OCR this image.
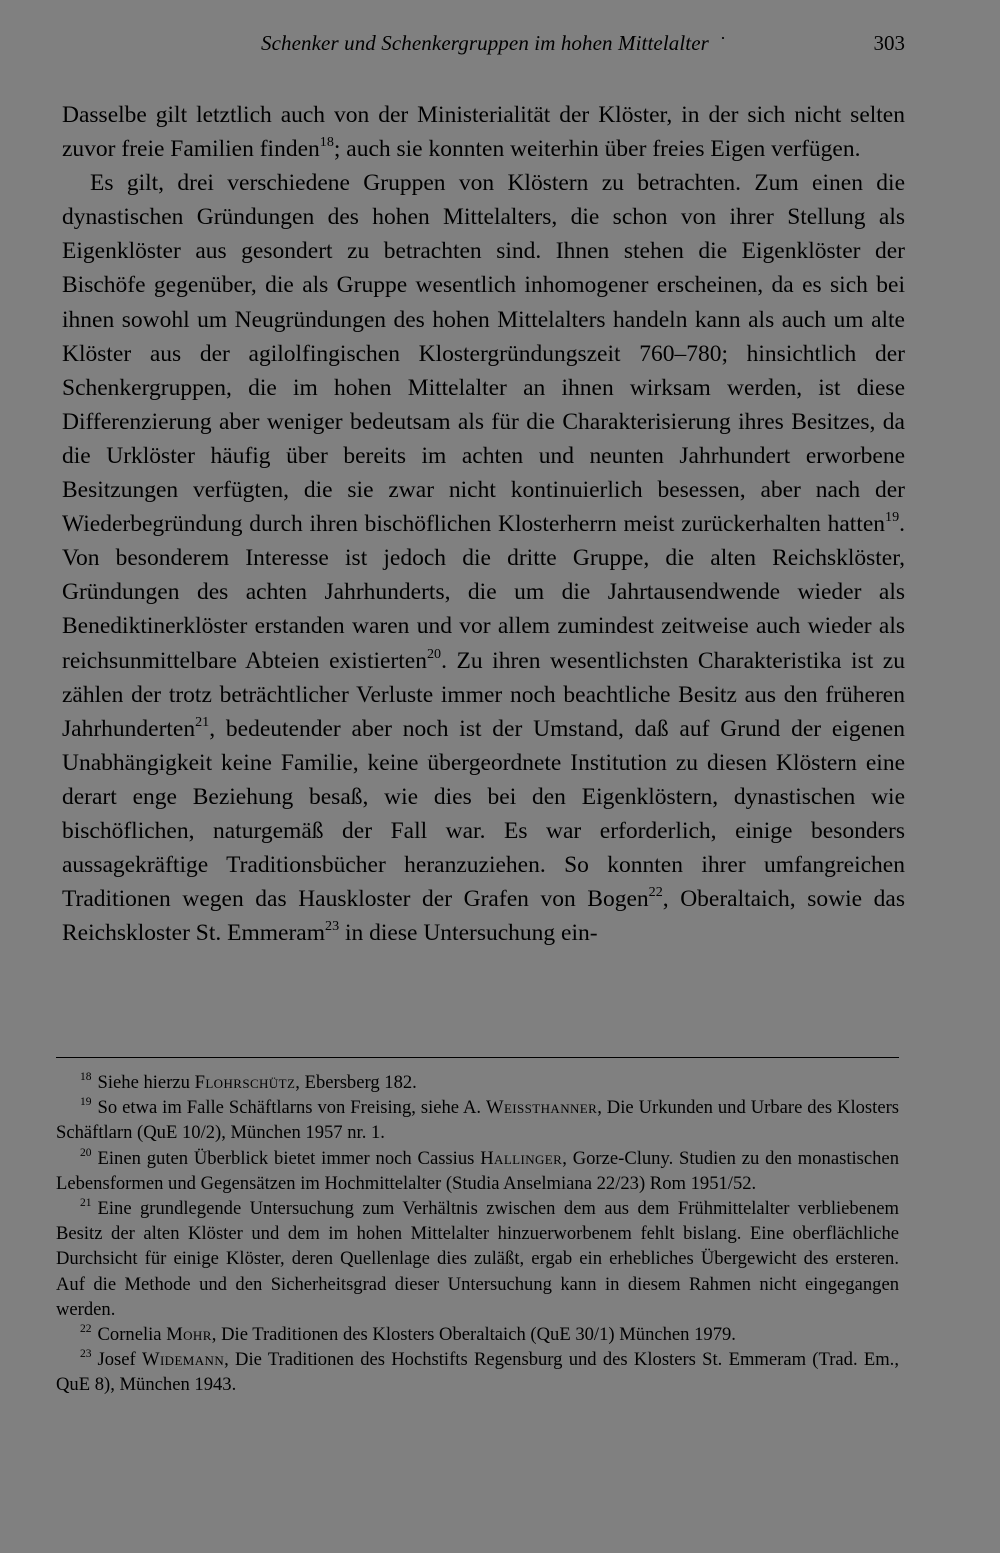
Schenker und Schenkergruppen im hohen Mittelalter ·	303

Dasselbe gilt letztlich auch von der Ministerialität der Klöster, in der sich nicht selten zuvor freie Familien finden$^{18}$; auch sie konnten weiterhin über freies Eigen verfügen.

Es gilt, drei verschiedene Gruppen von Klöstern zu betrachten. Zum einen die dynastischen Gründungen des hohen Mittelalters, die schon von ihrer Stellung als Eigenklöster aus gesondert zu betrachten sind. Ihnen stehen die Eigenklöster der Bischöfe gegenüber, die als Gruppe wesentlich inhomogener erscheinen, da es sich bei ihnen sowohl um Neugründungen des hohen Mittelalters handeln kann als auch um alte Klöster aus der agilolfingischen Klostergründungszeit 760–780; hinsichtlich der Schenkergruppen, die im hohen Mittelalter an ihnen wirksam werden, ist diese Differenzierung aber weniger bedeutsam als für die Charakterisierung ihres Besitzes, da die Urklöster häufig über bereits im achten und neunten Jahrhundert erworbene Besitzungen verfügten, die sie zwar nicht kontinuierlich besessen, aber nach der Wiederbegründung durch ihren bischöflichen Klosterherrn meist zurückerhalten hatten$^{19}$. Von besonderem Interesse ist jedoch die dritte Gruppe, die alten Reichsklöster, Gründungen des achten Jahrhunderts, die um die Jahrtausendwende wieder als Benediktinerklöster erstanden waren und vor allem zumindest zeitweise auch wieder als reichsunmittelbare Abteien existierten$^{20}$. Zu ihren wesentlichsten Charakteristika ist zu zählen der trotz beträchtlicher Verluste immer noch beachtliche Besitz aus den früheren Jahrhunderten$^{21}$, bedeutender aber noch ist der Umstand, daß auf Grund der eigenen Unabhängigkeit keine Familie, keine übergeordnete Institution zu diesen Klöstern eine derart enge Beziehung besaß, wie dies bei den Eigenklöstern, dynastischen wie bischöflichen, naturgemäß der Fall war. Es war erforderlich, einige besonders aussagekräftige Traditionsbücher heranzuziehen. So konnten ihrer umfangreichen Traditionen wegen das Hauskloster der Grafen von Bogen$^{22}$, Oberaltaich, sowie das Reichskloster St. Emmeram$^{23}$ in diese Untersuchung ein-

$^{18}$ Siehe hierzu Flohrschütz, Ebersberg 182.

$^{19}$ So etwa im Falle Schäftlarns von Freising, siehe A. Weissthanner, Die Urkunden und Urbare des Klosters Schäftlarn (QuE 10/2), München 1957 nr. 1.

$^{20}$ Einen guten Überblick bietet immer noch Cassius Hallinger, Gorze-Cluny. Studien zu den monastischen Lebensformen und Gegensätzen im Hochmittelalter (Studia Anselmiana 22/23) Rom 1951/52.

$^{21}$ Eine grundlegende Untersuchung zum Verhältnis zwischen dem aus dem Frühmittelalter verbliebenem Besitz der alten Klöster und dem im hohen Mittelalter hinzuerworbenem fehlt bislang. Eine oberflächliche Durchsicht für einige Klöster, deren Quellenlage dies zuläßt, ergab ein erhebliches Übergewicht des ersteren. Auf die Methode und den Sicherheitsgrad dieser Untersuchung kann in diesem Rahmen nicht eingegangen werden.

$^{22}$ Cornelia Mohr, Die Traditionen des Klosters Oberaltaich (QuE 30/1) München 1979.

$^{23}$ Josef Widemann, Die Traditionen des Hochstifts Regensburg und des Klosters St. Emmeram (Trad. Em., QuE 8), München 1943.
